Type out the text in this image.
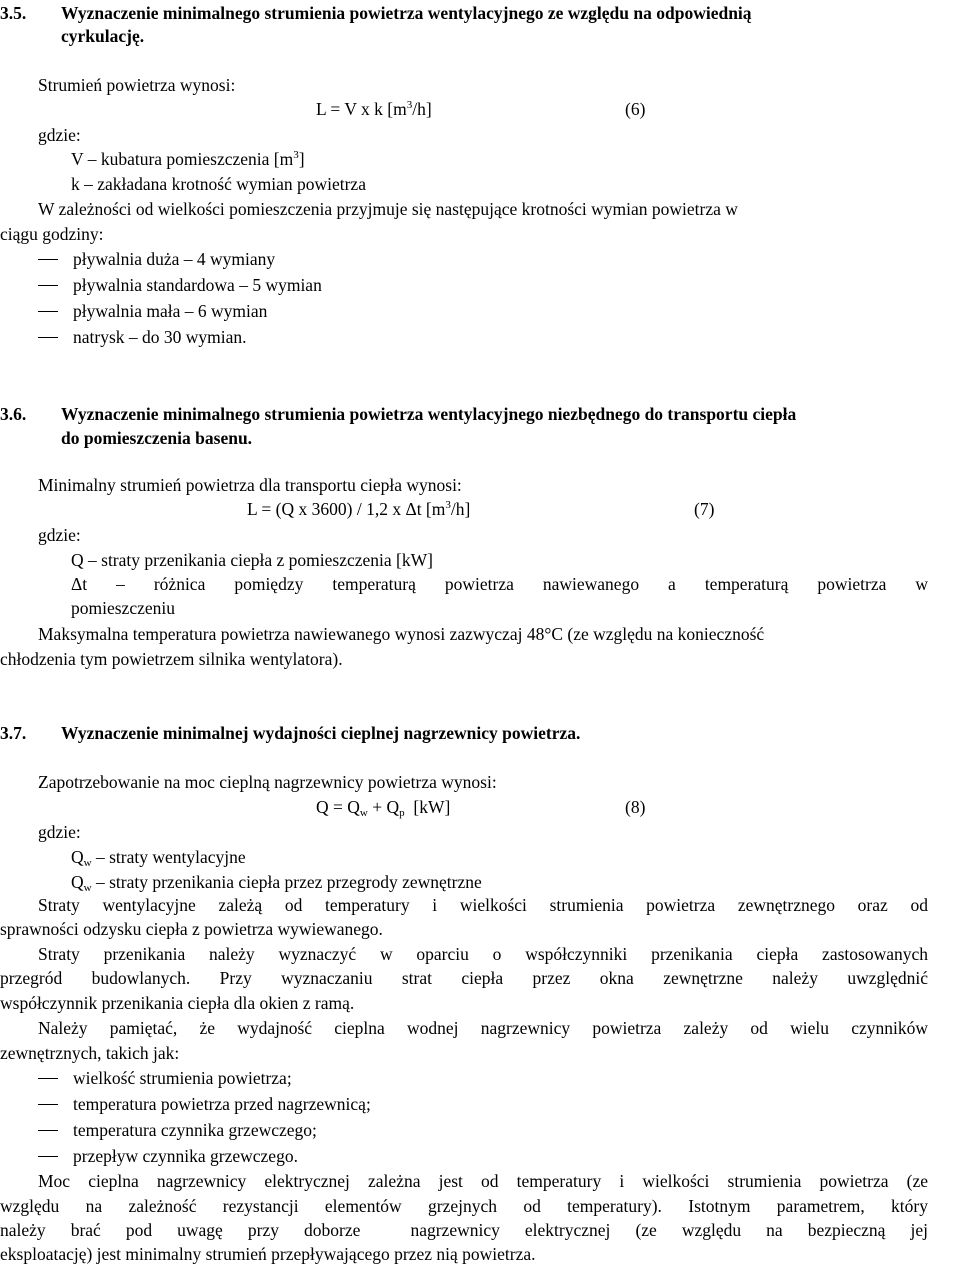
3.5. Wyznaczenie minimalnego strumienia powietrza wentylacyjnego ze względu na odpowiednią
cyrkulację.
Strumień powietrza wynosi:
L = V x k $[m^3/h]$	(6)
gdzie:
V – kubatura pomieszczenia $[m^3]$
k – zakładana krotność wymian powietrza
W zależności od wielkości pomieszczenia przyjmuje się następujące krotności wymian powietrza w
ciągu godziny:
pływalnia duża – 4 wymiany
pływalnia standardowa – 5 wymian
pływalnia mała – 6 wymian
natrysk – do 30 wymian.
3.6. Wyznaczenie minimalnego strumienia powietrza wentylacyjnego niezbędnego do transportu ciepła
do pomieszczenia basenu.
Minimalny strumień powietrza dla transportu ciepła wynosi:
L = (Q x 3600) / 1,2 x Δt $[m^3/h]$	(7)
gdzie:
Q – straty przenikania ciepła z pomieszczenia [kW]
Δt – różnica pomiędzy temperaturą powietrza nawiewanego a temperaturą powietrza w
pomieszczeniu
Maksymalna temperatura powietrza nawiewanego wynosi zazwyczaj 48°C (ze względu na konieczność
chłodzenia tym powietrzem silnika wentylatora).
3.7. Wyznaczenie minimalnej wydajności cieplnej nagrzewnicy powietrza.
Zapotrzebowanie na moc cieplną nagrzewnicy powietrza wynosi:
$Q = Q_w + Q_p$  [kW]	(8)
gdzie:
$Q_w$ – straty wentylacyjne
$Q_w$ – straty przenikania ciepła przez przegrody zewnętrzne
Straty wentylacyjne zależą od temperatury i wielkości strumienia powietrza zewnętrznego oraz od
sprawności odzysku ciepła z powietrza wywiewanego.
Straty przenikania należy wyznaczyć w oparciu o współczynniki przenikania ciepła zastosowanych
przegród budowlanych. Przy wyznaczaniu strat ciepła przez okna zewnętrzne należy uwzględnić
współczynnik przenikania ciepła dla okien z ramą.
Należy pamiętać, że wydajność cieplna wodnej nagrzewnicy powietrza zależy od wielu czynników
zewnętrznych, takich jak:
wielkość strumienia powietrza;
temperatura powietrza przed nagrzewnicą;
temperatura czynnika grzewczego;
przepływ czynnika grzewczego.
Moc cieplna nagrzewnicy elektrycznej zależna jest od temperatury i wielkości strumienia powietrza (ze
względu na zależność rezystancji elementów grzejnych od temperatury). Istotnym parametrem, który
należy brać pod uwagę przy doborze  nagrzewnicy elektrycznej (ze względu na bezpieczną jej
eksploatację) jest minimalny strumień przepływającego przez nią powietrza.
